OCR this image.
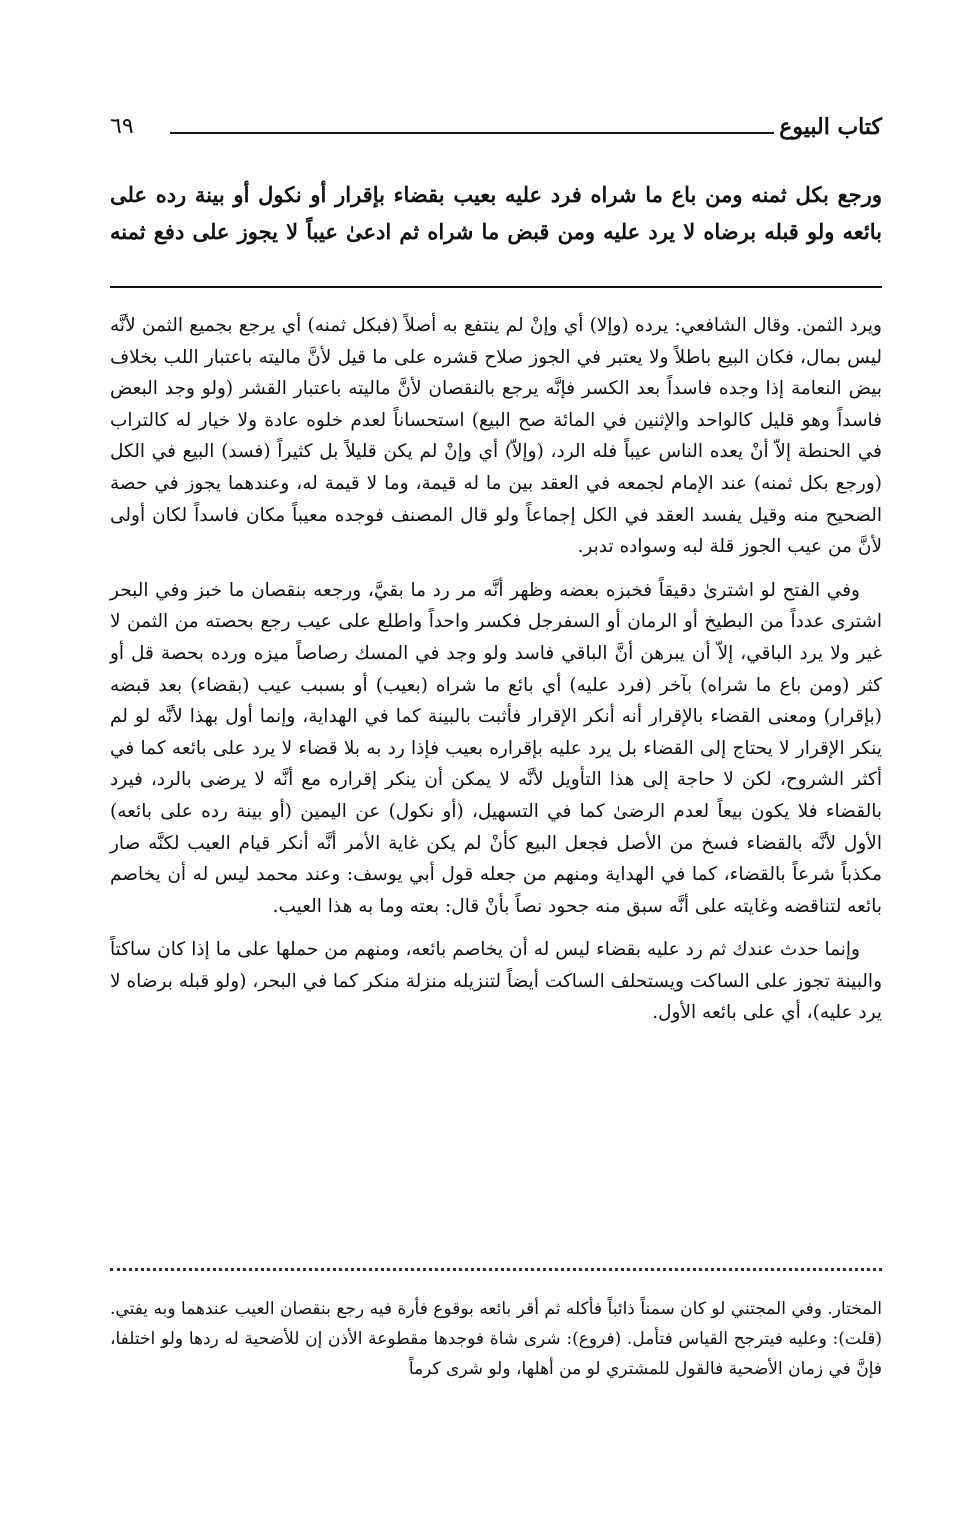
كتاب البيوع
٦٩

ورجع بكل ثمنه ومن باع ما شراه فرد عليه بعيب بقضاء بإقرار أو نكول أو بينة رده على

بائعه ولو قبله برضاه لا يرد عليه ومن قبض ما شراه ثم ادعىٰ عيباً لا يجوز على دفع ثمنه

ويرد الثمن. وقال الشافعي: يرده (وإلا) أي وإنْ لم ينتفع به أصلاً (فبكل ثمنه) أي يرجع بجميع الثمن لأنَّه ليس بمال، فكان البيع باطلاً ولا يعتبر في الجوز صلاح قشره على ما قيل لأنَّ ماليته باعتبار اللب بخلاف بيض النعامة إذا وجده فاسداً بعد الكسر فإنَّه يرجع بالنقصان لأنَّ ماليته باعتبار القشر (ولو وجد البعض فاسداً وهو قليل كالواحد والإثنين في المائة صح البيع) استحساناً لعدم خلوه عادة ولا خيار له كالتراب في الحنطة إلاّ أنْ يعده الناس عيباً فله الرد، (وإلاّ) أي وإنْ لم يكن قليلاً بل كثيراً (فسد) البيع في الكل (ورجع بكل ثمنه) عند الإمام لجمعه في العقد بين ما له قيمة، وما لا قيمة له، وعندهما يجوز في حصة الصحيح منه وقيل يفسد العقد في الكل إجماعاً ولو قال المصنف فوجده معيباً مكان فاسداً لكان أولى لأنَّ من عيب الجوز قلة لبه وسواده تدبر.

وفي الفتح لو اشترىٰ دقيقاً فخبزه بعضه وظهر أنَّه مر رد ما بقيَّ، ورجعه بنقصان ما خبز وفي البحر اشترى عدداً من البطيخ أو الرمان أو السفرجل فكسر واحداً واطلع على عيب رجع بحصته من الثمن لا غير ولا يرد الباقي، إلاّ أن يبرهن أنَّ الباقي فاسد ولو وجد في المسك رصاصاً ميزه ورده بحصة قل أو كثر (ومن باع ما شراه) بآخر (فرد عليه) أي بائع ما شراه (بعيب) أو بسبب عيب (بقضاء) بعد قبضه (بإقرار) ومعنى القضاء بالإقرار أنه أنكر الإقرار فأثبت بالبينة كما في الهداية، وإنما أول بهذا لأنَّه لو لم ينكر الإقرار لا يحتاج إلى القضاء بل يرد عليه بإقراره بعيب فإذا رد به بلا قضاء لا يرد على بائعه كما في أكثر الشروح، لكن لا حاجة إلى هذا التأويل لأنَّه لا يمكن أن ينكر إقراره مع أنَّه لا يرضى بالرد، فيرد بالقضاء فلا يكون بيعاً لعدم الرضىٰ كما في التسهيل، (أو نكول) عن اليمين (أو بينة رده على بائعه) الأول لأنَّه بالقضاء فسخ من الأصل فجعل البيع كأنْ لم يكن غاية الأمر أنَّه أنكر قيام العيب لكنَّه صار مكذباً شرعاً بالقضاء، كما في الهداية ومنهم من جعله قول أبي يوسف: وعند محمد ليس له أن يخاصم بائعه لتناقضه وغايته على أنَّه سبق منه جحود نصاً بأنْ قال: بعته وما به هذا العيب.

وإنما حدث عندك ثم رد عليه بقضاء ليس له أن يخاصم بائعه، ومنهم من حملها على ما إذا كان ساكتاً والبينة تجوز على الساكت ويستحلف الساكت أيضاً لتنزيله منزلة منكر كما في البحر، (ولو قبله برضاه لا يرد عليه)، أي على بائعه الأول.

المختار. وفي المجتني لو كان سمناً ذائباً فأكله ثم أقر بائعه بوقوع فأرة فيه رجع بنقصان العيب عندهما وبه يفتي. (قلت): وعليه فيترجح القياس فتأمل. (فروع): شرى شاة فوجدها مقطوعة الأذن إن للأضحية له ردها ولو اختلفا، فإنَّ في زمان الأضحية فالقول للمشتري لو من أهلها، ولو شرى كرماً
